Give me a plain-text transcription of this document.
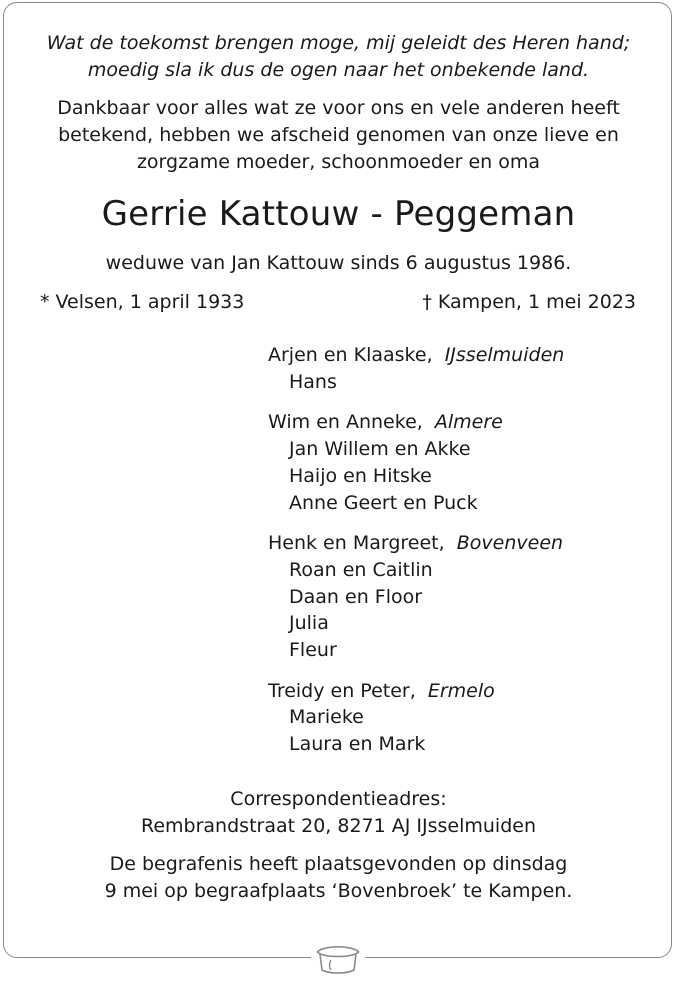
Wat de toekomst brengen moge, mij geleidt des Heren hand;
moedig sla ik dus de ogen naar het onbekende land.
Dankbaar voor alles wat ze voor ons en vele anderen heeft
betekend, hebben we afscheid genomen van onze lieve en
zorgzame moeder, schoonmoeder en oma
Gerrie Kattouw - Peggeman
weduwe van Jan Kattouw sinds 6 augustus 1986.
* Velsen, 1 april 1933	† Kampen, 1 mei 2023
Arjen en Klaaske, IJsselmuiden
Hans
Wim en Anneke, Almere
Jan Willem en Akke
Haijo en Hitske
Anne Geert en Puck
Henk en Margreet, Bovenveen
Roan en Caitlin
Daan en Floor
Julia
Fleur
Treidy en Peter, Ermelo
Marieke
Laura en Mark
Correspondentieadres:
Rembrandstraat 20, 8271 AJ IJsselmuiden
De begrafenis heeft plaatsgevonden op dinsdag
9 mei op begraafplaats ‘Bovenbroek’ te Kampen.
